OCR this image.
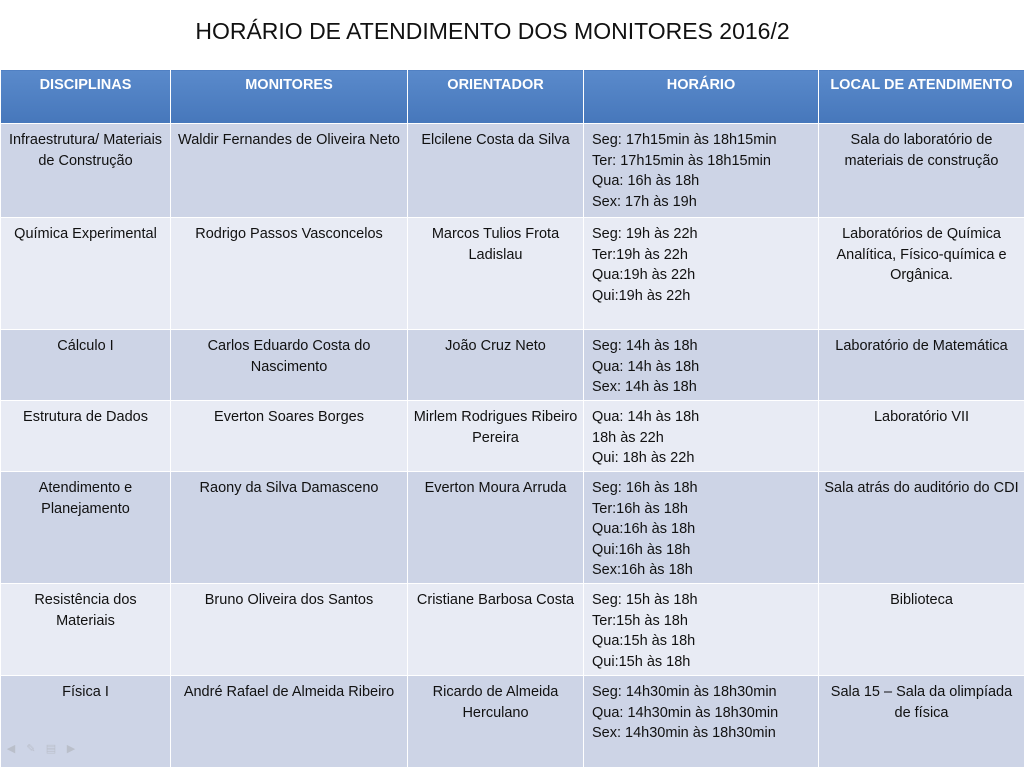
HORÁRIO DE ATENDIMENTO DOS MONITORES 2016/2
DISCIPLINAS	MONITORES	ORIENTADOR	HORÁRIO	LOCAL DE ATENDIMENTO
Infraestrutura/ Materiais de Construção	Waldir Fernandes de Oliveira Neto	Elcilene Costa da Silva	Seg: 17h15min às 18h15min
Ter: 17h15min às 18h15min
Qua: 16h às 18h
Sex: 17h às 19h	Sala do laboratório de materiais de construção
Química Experimental	Rodrigo Passos Vasconcelos	Marcos Tulios Frota Ladislau	Seg: 19h às 22h
Ter:19h às 22h
Qua:19h às 22h
Qui:19h às 22h	Laboratórios de Química Analítica, Físico-química e Orgânica.
Cálculo I	Carlos Eduardo Costa do Nascimento	João Cruz Neto	Seg: 14h às 18h
Qua: 14h às 18h
Sex: 14h às 18h	Laboratório de Matemática
Estrutura de Dados	Everton Soares Borges	Mirlem Rodrigues Ribeiro Pereira	Qua: 14h às 18h
18h às 22h
Qui: 18h às 22h	Laboratório VII
Atendimento e Planejamento	Raony da Silva Damasceno	Everton Moura Arruda	Seg: 16h às 18h
Ter:16h às 18h
Qua:16h às 18h
Qui:16h às 18h
Sex:16h às 18h	Sala atrás do auditório do CDI
Resistência dos Materiais	Bruno Oliveira dos Santos	Cristiane Barbosa Costa	Seg: 15h às 18h
Ter:15h às 18h
Qua:15h às 18h
Qui:15h às 18h	Biblioteca
Física I	André Rafael de Almeida Ribeiro	Ricardo de Almeida Herculano	Seg: 14h30min às 18h30min
Qua: 14h30min às 18h30min
Sex: 14h30min às 18h30min	Sala 15 – Sala da olimpíada de física
◀ ✎ ▤ ▶
